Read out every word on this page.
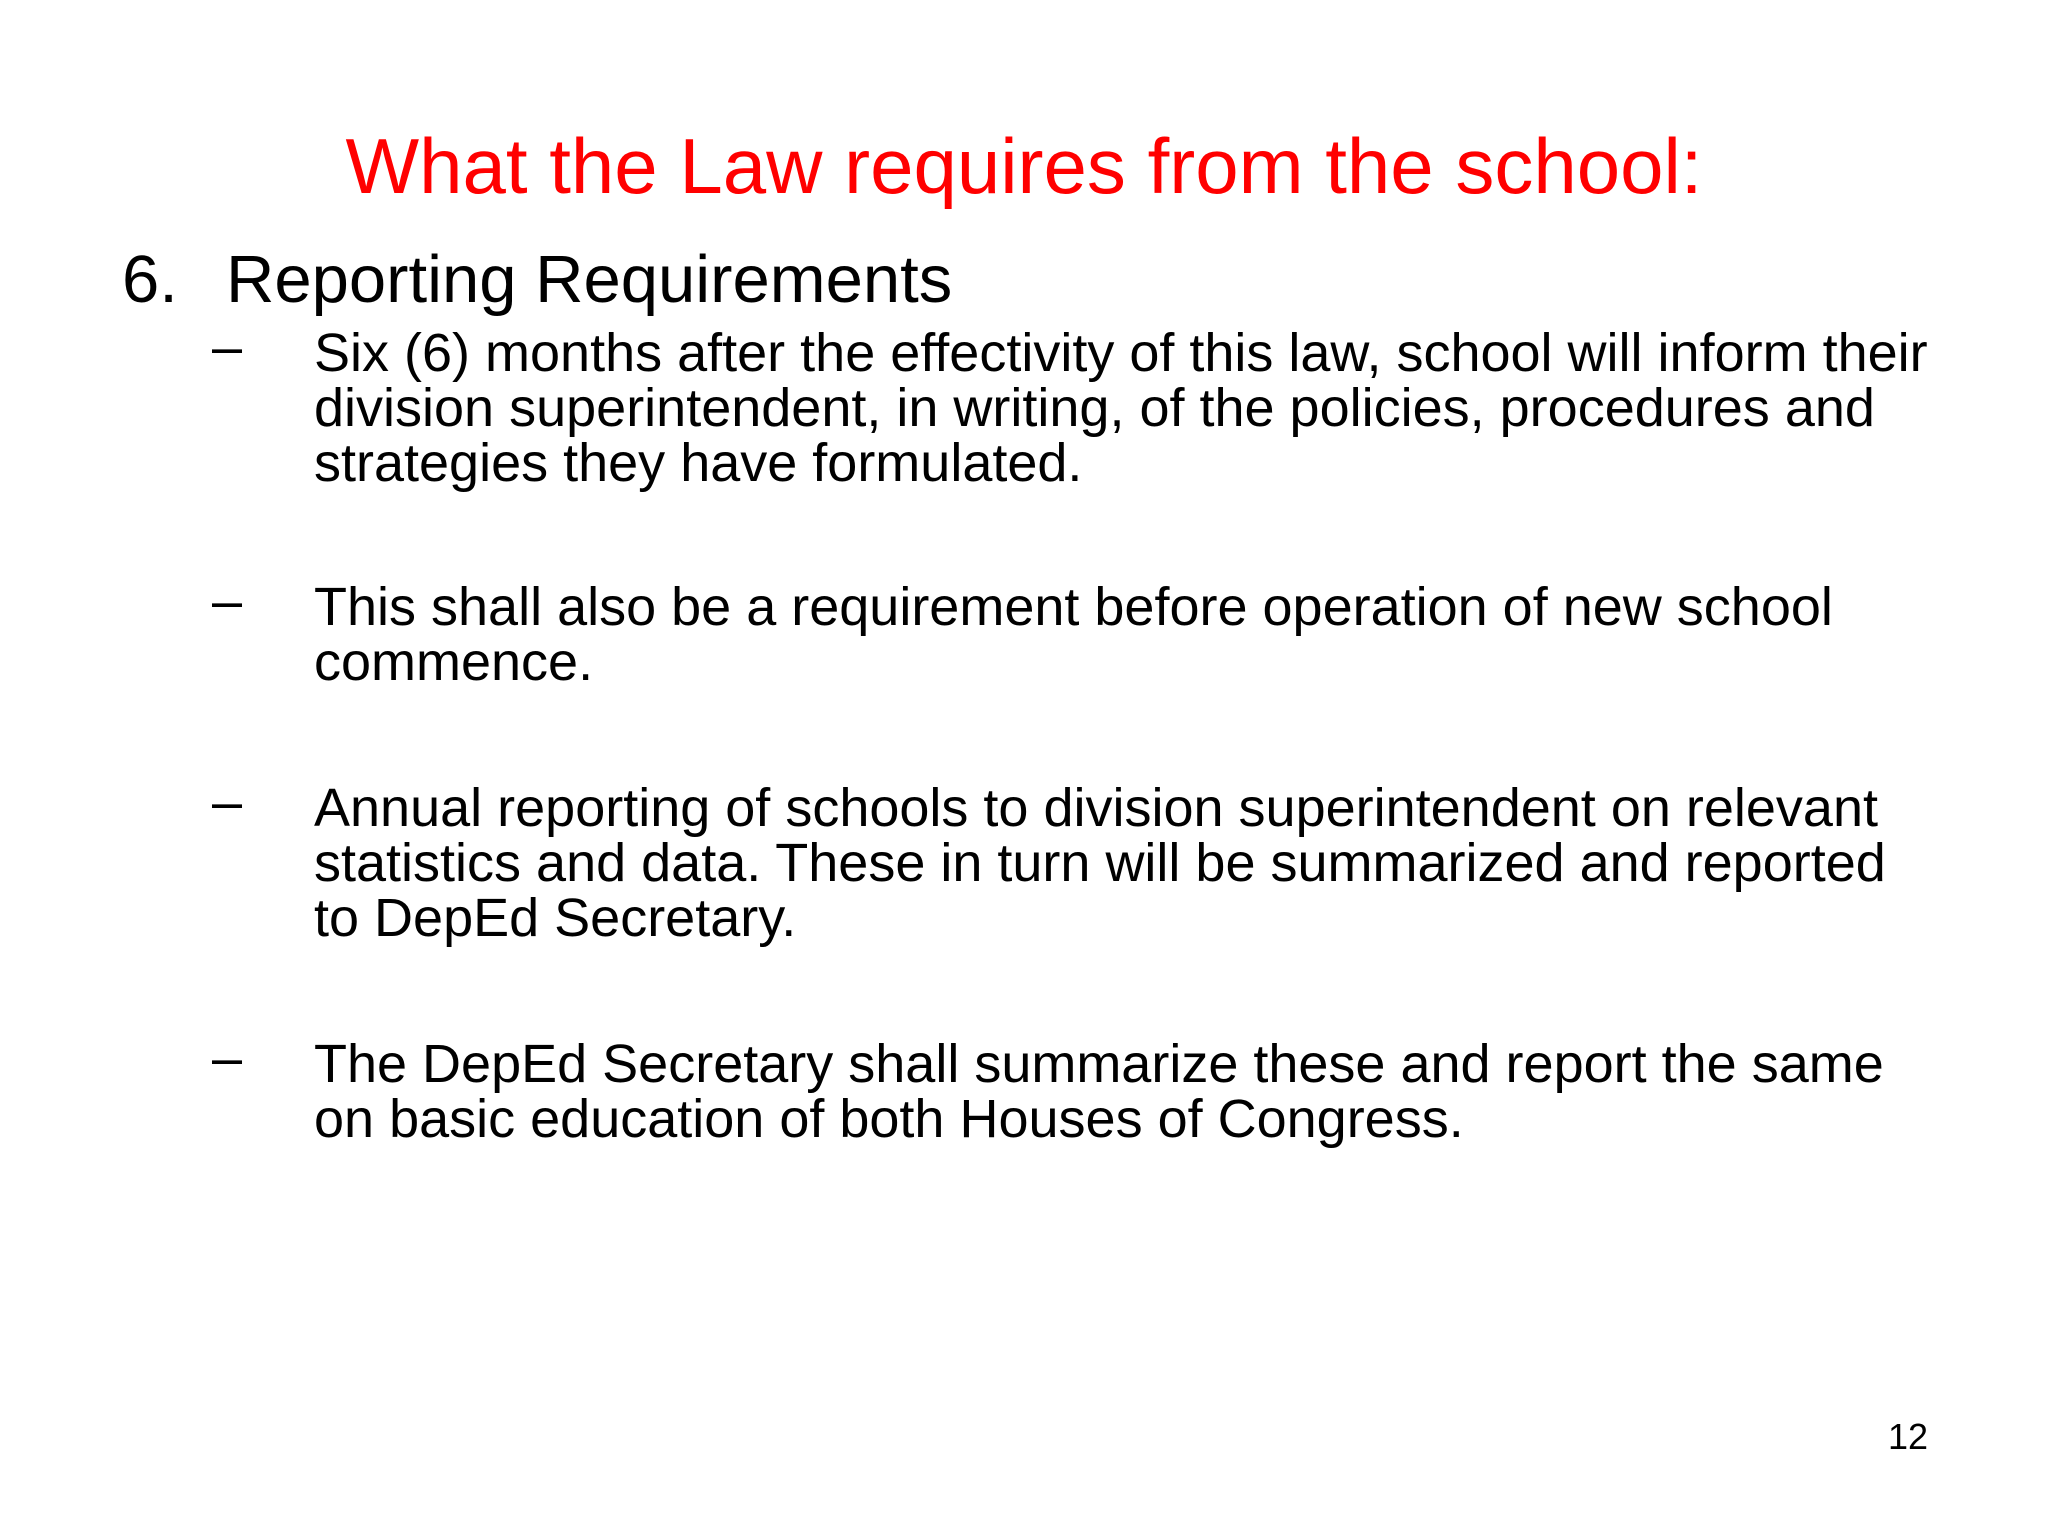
What the Law requires from the school:
6. Reporting Requirements
–	Six (6) months after the effectivity of this law, school will inform their division superintendent, in writing, of the policies, procedures and strategies they have formulated.
–	This shall also be a requirement before operation of new school commence.
–	Annual reporting of schools to division superintendent on relevant statistics and data. These in turn will be summarized and reported to DepEd Secretary.
–	The DepEd Secretary shall summarize these and report the same on basic education of both Houses of Congress.
12
